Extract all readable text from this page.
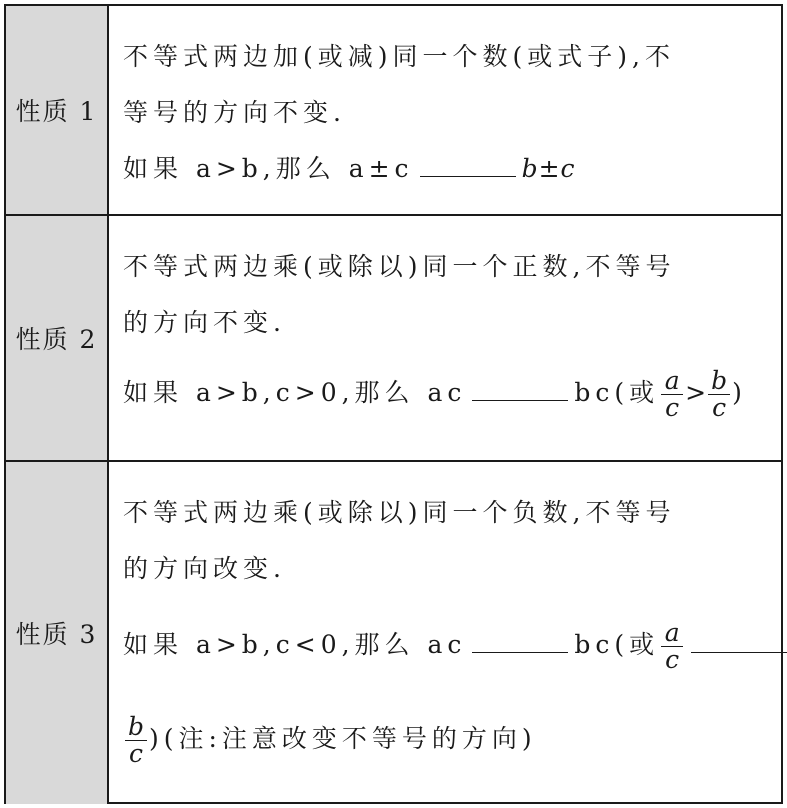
性质 1
不等式两边加(或减)同一个数(或式子),不
等号的方向不变.
如果 a>b,那么 a±c	b±c
性质 2
不等式两边乘(或除以)同一个正数,不等号
的方向不变.
如果 a>b,c>0,那么 ac	bc(或 $\frac{a}{c} > \frac{b}{c}$ )
性质 3
不等式两边乘(或除以)同一个负数,不等号
的方向改变.
如果 a>b,c<0,那么 ac	bc(或 $\frac{a}{c}$
$\frac{b}{c}$ )(注:注意改变不等号的方向)
